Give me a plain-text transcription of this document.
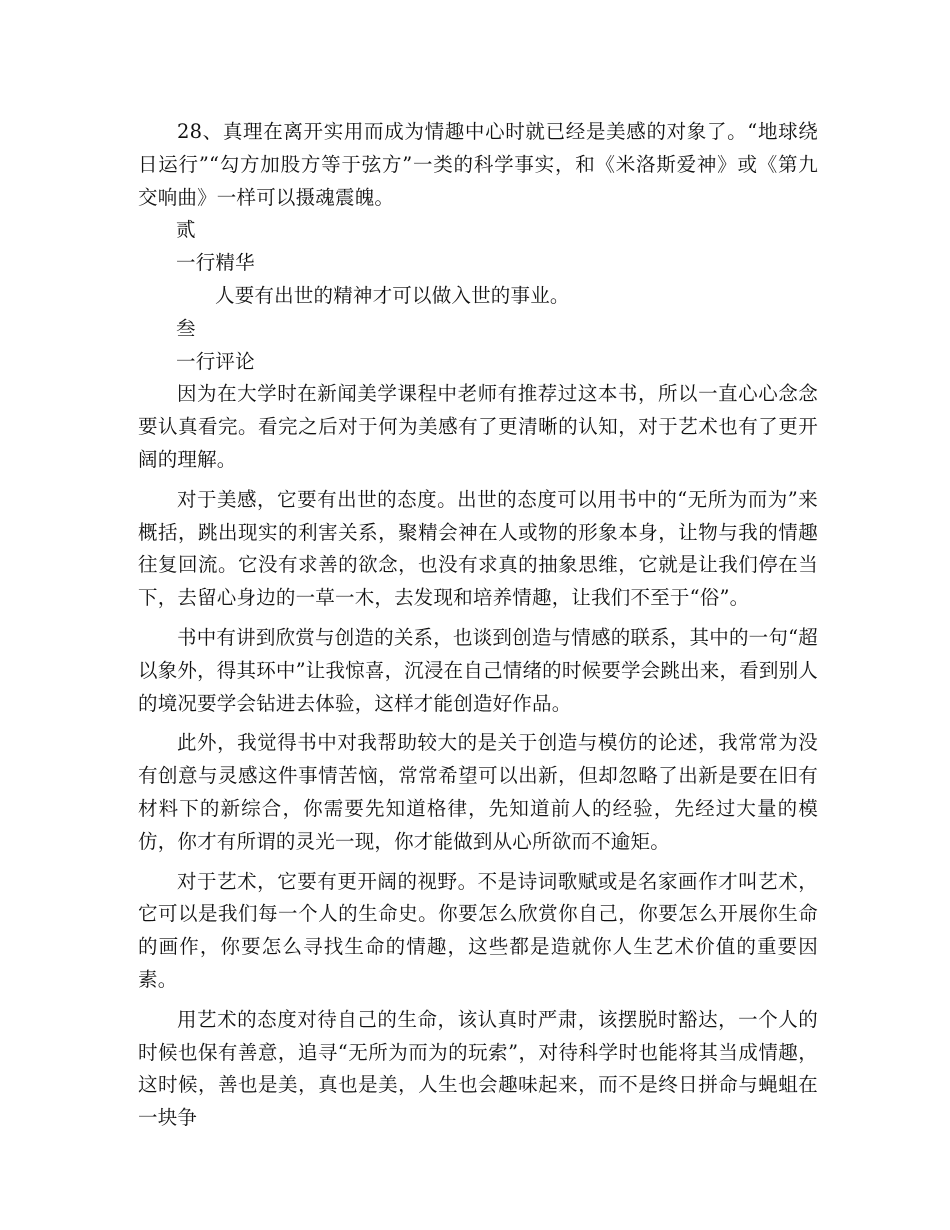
28、真理在离开实用而成为情趣中心时就已经是美感的对象了。“地球绕日运行”“勾方加股方等于弦方”一类的科学事实，和《米洛斯爱神》或《第九交响曲》一样可以摄魂震魄。

贰

一行精华

人要有出世的精神才可以做入世的事业。

叁

一行评论

因为在大学时在新闻美学课程中老师有推荐过这本书，所以一直心心念念要认真看完。看完之后对于何为美感有了更清晰的认知，对于艺术也有了更开阔的理解。

对于美感，它要有出世的态度。出世的态度可以用书中的“无所为而为”来概括，跳出现实的利害关系，聚精会神在人或物的形象本身，让物与我的情趣往复回流。它没有求善的欲念，也没有求真的抽象思维，它就是让我们停在当下，去留心身边的一草一木，去发现和培养情趣，让我们不至于“俗”。

书中有讲到欣赏与创造的关系，也谈到创造与情感的联系，其中的一句“超以象外，得其环中”让我惊喜，沉浸在自己情绪的时候要学会跳出来，看到别人的境况要学会钻进去体验，这样才能创造好作品。

此外，我觉得书中对我帮助较大的是关于创造与模仿的论述，我常常为没有创意与灵感这件事情苦恼，常常希望可以出新，但却忽略了出新是要在旧有材料下的新综合，你需要先知道格律，先知道前人的经验，先经过大量的模仿，你才有所谓的灵光一现，你才能做到从心所欲而不逾矩。

对于艺术，它要有更开阔的视野。不是诗词歌赋或是名家画作才叫艺术，它可以是我们每一个人的生命史。你要怎么欣赏你自己，你要怎么开展你生命的画作，你要怎么寻找生命的情趣，这些都是造就你人生艺术价值的重要因素。

用艺术的态度对待自己的生命，该认真时严肃，该摆脱时豁达，一个人的时候也保有善意，追寻“无所为而为的玩索”，对待科学时也能将其当成情趣，这时候，善也是美，真也是美，人生也会趣味起来，而不是终日拼命与蝇蛆在一块争
